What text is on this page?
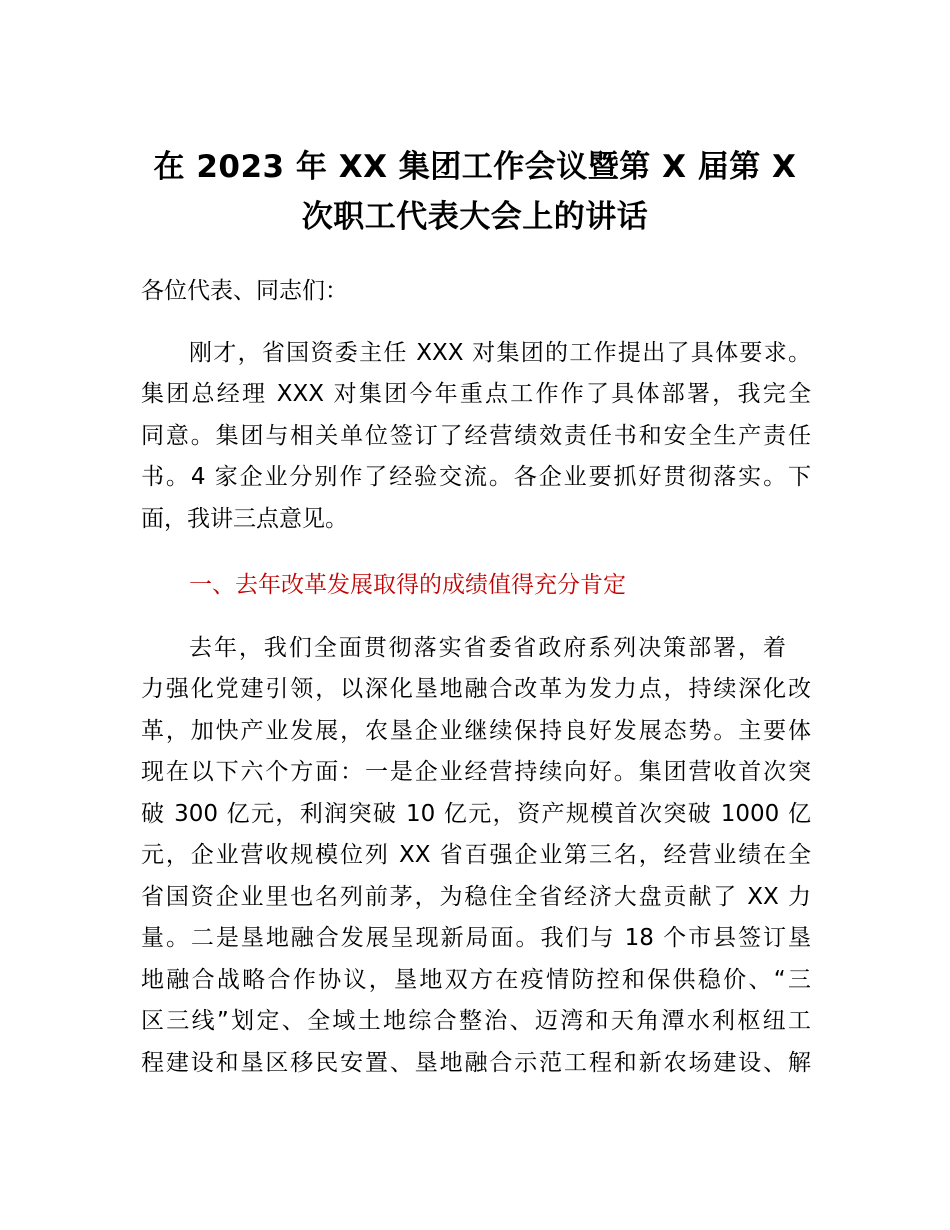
在 2023 年 XX 集团工作会议暨第 X 届第 X
次职工代表大会上的讲话
各位代表、同志们：
刚才，省国资委主任 XXX 对集团的工作提出了具体要求。
集团总经理 XXX 对集团今年重点工作作了具体部署，我完全
同意。集团与相关单位签订了经营绩效责任书和安全生产责任
书。4 家企业分别作了经验交流。各企业要抓好贯彻落实。下
面，我讲三点意见。
一、去年改革发展取得的成绩值得充分肯定
去年，我们全面贯彻落实省委省政府系列决策部署，着
力强化党建引领，以深化垦地融合改革为发力点，持续深化改
革，加快产业发展，农垦企业继续保持良好发展态势。主要体
现在以下六个方面：一是企业经营持续向好。集团营收首次突
破 300 亿元，利润突破 10 亿元，资产规模首次突破 1000 亿
元，企业营收规模位列 XX 省百强企业第三名，经营业绩在全
省国资企业里也名列前茅，为稳住全省经济大盘贡献了 XX 力
量。二是垦地融合发展呈现新局面。我们与 18 个市县签订垦
地融合战略合作协议，垦地双方在疫情防控和保供稳价、“三
区三线”划定、全域土地综合整治、迈湾和天角潭水利枢纽工
程建设和垦区移民安置、垦地融合示范工程和新农场建设、解
